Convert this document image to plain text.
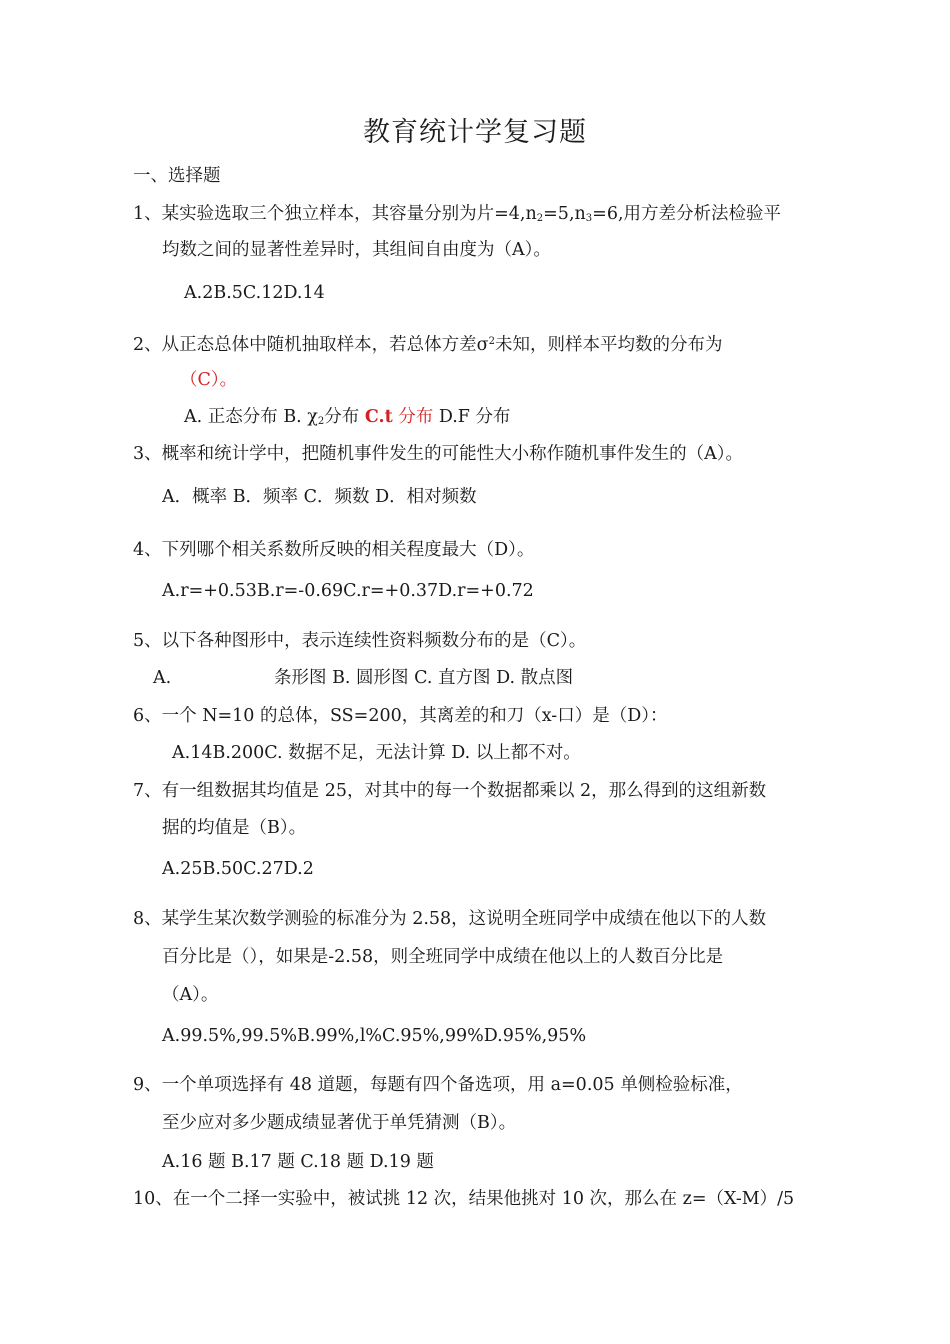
教育统计学复习题
一、选择题
1、某实验选取三个独立样本，其容量分别为片$=4,n_2=5,n_3=6$,用方差分析法检验平
均数之间的显著性差异时，其组间自由度为（A）。
A.2B.5C.12D.14
2、从正态总体中随机抽取样本，若总体方差$\sigma^2$未知，则样本平均数的分布为
（C）。
A. 正态分布 B. $\chi_2$分布 C.t 分布 D.F 分布
3、概率和统计学中，把随机事件发生的可能性大小称作随机事件发生的（A）。
A．概率 B．频率 C．频数 D．相对频数
4、下列哪个相关系数所反映的相关程度最大（D）。
A.r=+0.53B.r=-0.69C.r=+0.37D.r=+0.72
5、以下各种图形中，表示连续性资料频数分布的是（C）。
A.	条形图 B. 圆形图 C. 直方图 D. 散点图
6、一个 N=10 的总体，SS=200，其离差的和刀（x-口）是（D）：
A.14B.200C. 数据不足，无法计算 D. 以上都不对。
7、有一组数据其均值是 25，对其中的每一个数据都乘以 2，那么得到的这组新数
据的均值是（B）。
A.25B.50C.27D.2
8、某学生某次数学测验的标准分为 2.58，这说明全班同学中成绩在他以下的人数
百分比是（），如果是-2.58，则全班同学中成绩在他以上的人数百分比是
（A）。
A.99.5%,99.5%B.99%,l%C.95%,99%D.95%,95%
9、一个单项选择有 48 道题，每题有四个备选项，用 a=0.05 单侧检验标准，
至少应对多少题成绩显著优于单凭猜测（B）。
A.16 题 B.17 题 C.18 题 D.19 题
10、在一个二择一实验中，被试挑 12 次，结果他挑对 10 次，那么在 z=（X-M）/5
